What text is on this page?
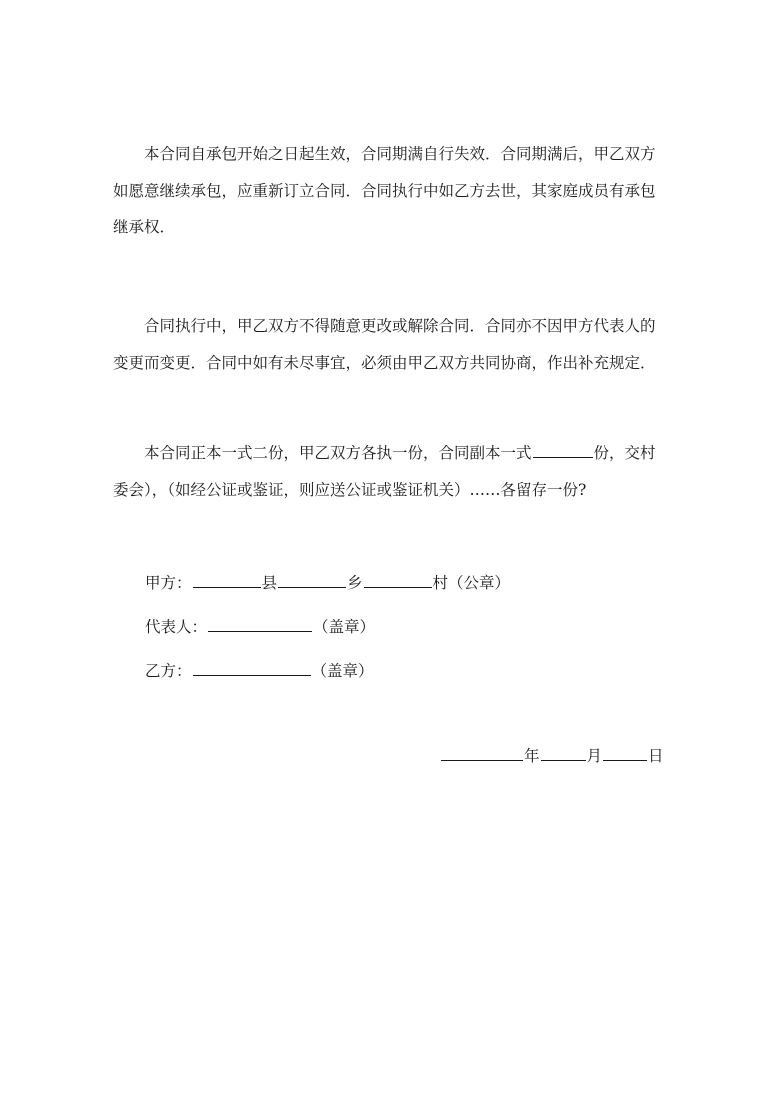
本合同自承包开始之日起生效，合同期满自行失效．合同期满后，甲乙双方如愿意继续承包，应重新订立合同．合同执行中如乙方去世，其家庭成员有承包继承权．

合同执行中，甲乙双方不得随意更改或解除合同．合同亦不因甲方代表人的变更而变更．合同中如有未尽事宜，必须由甲乙双方共同协商，作出补充规定．

本合同正本一式二份，甲乙双方各执一份，合同副本一式	份，交村委会），（如经公证或鉴证，则应送公证或鉴证机关）……各留存一份?

甲方：	县	乡	村（公章）
代表人：	（盖章）
乙方：	（盖章）
年	月	日
